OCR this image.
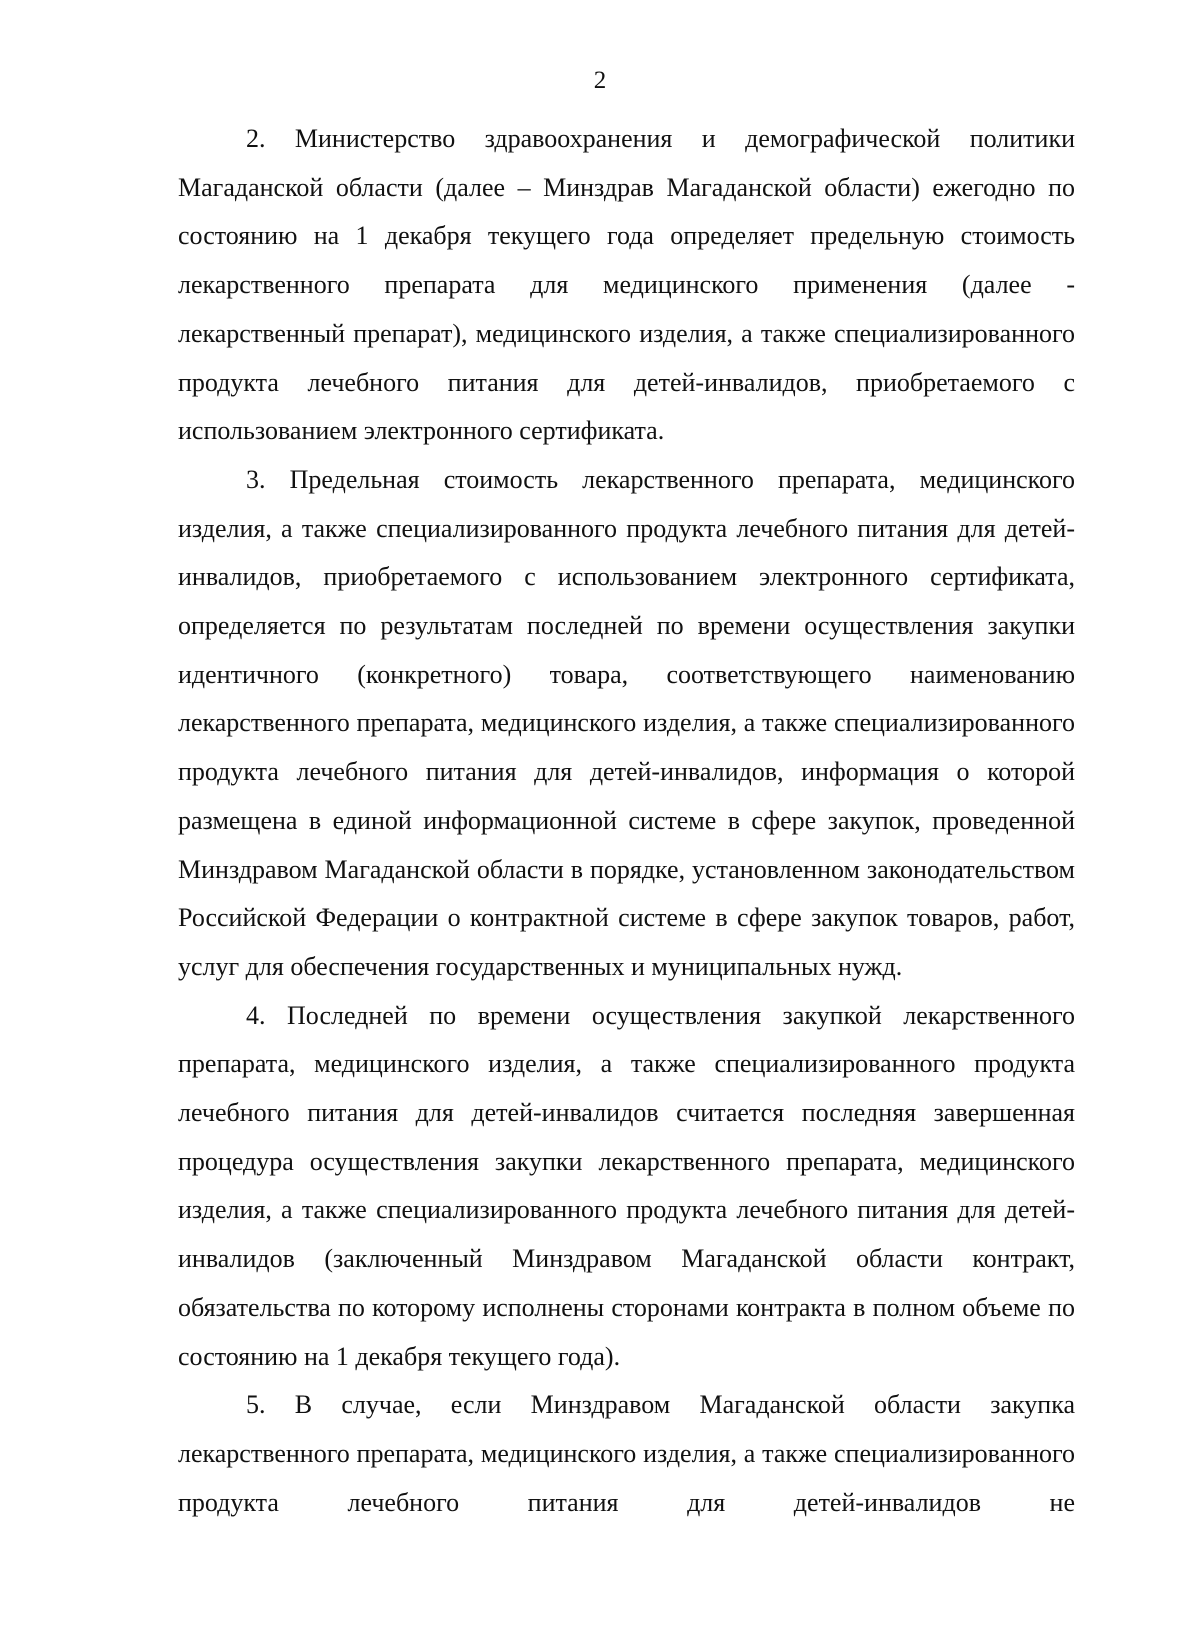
2

2. Министерство здравоохранения и демографической политики Магаданской области (далее – Минздрав Магаданской области) ежегодно по состоянию на 1 декабря текущего года определяет предельную стоимость лекарственного препарата для медицинского применения (далее - лекарственный препарат), медицинского изделия, а также специализированного продукта лечебного питания для детей-инвалидов, приобретаемого с использованием электронного сертификата.

3. Предельная стоимость лекарственного препарата, медицинского изделия, а также специализированного продукта лечебного питания для детей-инвалидов, приобретаемого с использованием электронного сертификата, определяется по результатам последней по времени осуществления закупки идентичного (конкретного) товара, соответствующего наименованию лекарственного препарата, медицинского изделия, а также специализированного продукта лечебного питания для детей-инвалидов, информация о которой размещена в единой информационной системе в сфере закупок, проведенной Минздравом Магаданской области в порядке, установленном законодательством Российской Федерации о контрактной системе в сфере закупок товаров, работ, услуг для обеспечения государственных и муниципальных нужд.

4. Последней по времени осуществления закупкой лекарственного препарата, медицинского изделия, а также специализированного продукта лечебного питания для детей-инвалидов считается последняя завершенная процедура осуществления закупки лекарственного препарата, медицинского изделия, а также специализированного продукта лечебного питания для детей-инвалидов (заключенный Минздравом Магаданской области контракт, обязательства по которому исполнены сторонами контракта в полном объеме по состоянию на 1 декабря текущего года).

5. В случае, если Минздравом Магаданской области закупка лекарственного препарата, медицинского изделия, а также специализированного продукта лечебного питания для детей-инвалидов не
